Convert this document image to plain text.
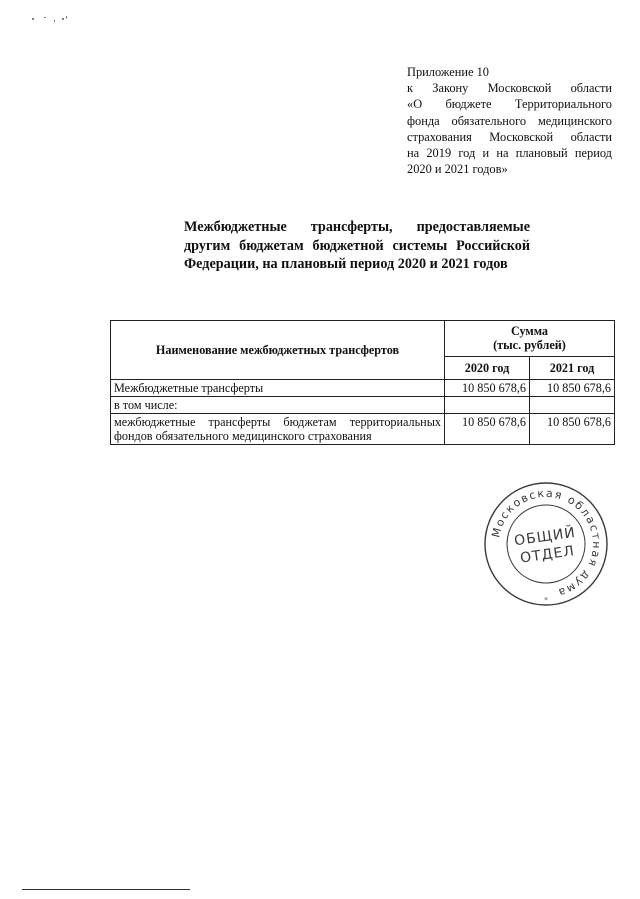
Приложение 10
к Закону Московской области
«О бюджете Территориального
фонда обязательного медицинского
страхования Московской области
на 2019 год и на плановый период
2020 и 2021 годов»
Межбюджетные трансферты, предоставляемые
другим бюджетам бюджетной системы Российской
Федерации, на плановый период 2020 и 2021 годов
Наименование межбюджетных трансфертов	Сумма
(тыс. рублей)	
	2020 год	2021 год
Межбюджетные трансферты	10 850 678,6	10 850 678,6
в том числе:		
межбюджетные трансферты бюджетам территориальных фондов обязательного медицинского страхования	10 850 678,6	10 850 678,6
Московская областная дума
*
ОБЩИЙ
ОТДЕЛ
